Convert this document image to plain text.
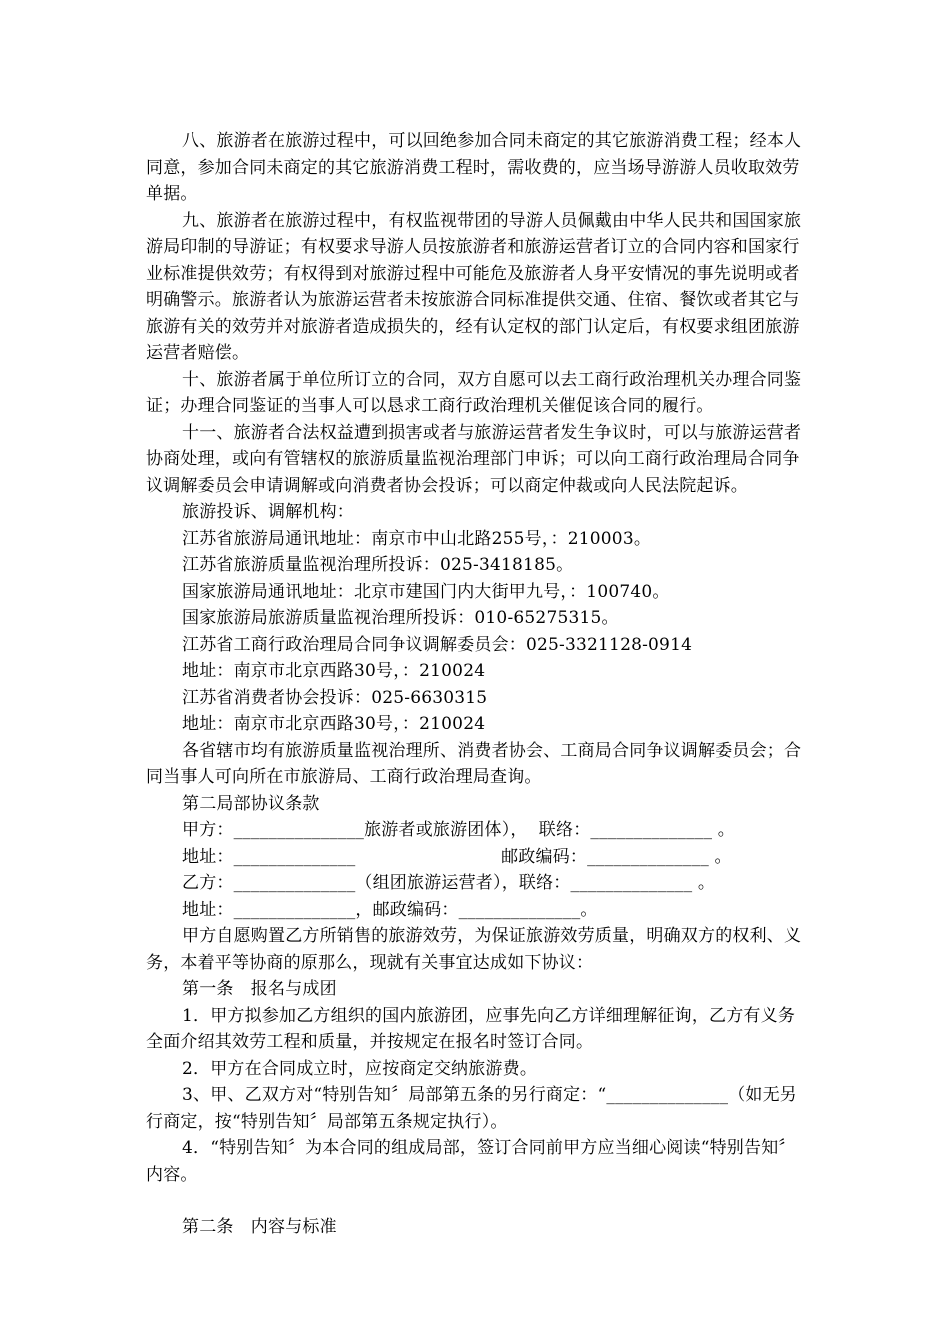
八、旅游者在旅游过程中，可以回绝参加合同未商定的其它旅游消费工程；经本人同意，参加合同未商定的其它旅游消费工程时，需收费的，应当场导游游人员收取效劳单据。

九、旅游者在旅游过程中，有权监视带团的导游人员佩戴由中华人民共和国国家旅游局印制的导游证；有权要求导游人员按旅游者和旅游运营者订立的合同内容和国家行业标准提供效劳；有权得到对旅游过程中可能危及旅游者人身平安情况的事先说明或者明确警示。旅游者认为旅游运营者未按旅游合同标准提供交通、住宿、餐饮或者其它与旅游有关的效劳并对旅游者造成损失的，经有认定权的部门认定后，有权要求组团旅游运营者赔偿。

十、旅游者属于单位所订立的合同，双方自愿可以去工商行政治理机关办理合同鉴证；办理合同鉴证的当事人可以恳求工商行政治理机关催促该合同的履行。

十一、旅游者合法权益遭到损害或者与旅游运营者发生争议时，可以与旅游运营者协商处理，或向有管辖权的旅游质量监视治理部门申诉；可以向工商行政治理局合同争议调解委员会申请调解或向消费者协会投诉；可以商定仲裁或向人民法院起诉。

旅游投诉、调解机构：

江苏省旅游局通讯地址：南京市中山北路255号，：210003。

江苏省旅游质量监视治理所投诉：025-3418185。

国家旅游局通讯地址：北京市建国门内大街甲九号，：100740。

国家旅游局旅游质量监视治理所投诉：010-65275315。

江苏省工商行政治理局合同争议调解委员会：025-3321128-0914

地址：南京市北京西路30号，：210024

江苏省消费者协会投诉：025-6630315

地址：南京市北京西路30号，：210024

各省辖市均有旅游质量监视治理所、消费者协会、工商局合同争议调解委员会；合同当事人可向所在市旅游局、工商行政治理局查询。

第二局部协议条款

甲方：_______________旅游者或旅游团体），  联络：______________ 。
地址：______________ 邮政编码：______________ 。
乙方：______________（组团旅游运营者），联络：______________ 。
地址：______________，邮政编码：______________。

甲方自愿购置乙方所销售的旅游效劳，为保证旅游效劳质量，明确双方的权利、义务，本着平等协商的原那么，现就有关事宜达成如下协议：

第一条　报名与成团

1．甲方拟参加乙方组织的国内旅游团，应事先向乙方详细理解征询，乙方有义务全面介绍其效劳工程和质量，并按规定在报名时签订合同。

2．甲方在合同成立时，应按商定交纳旅游费。

3、甲、乙双方对“特别告知〞局部第五条的另行商定：“______________（如无另行商定，按“特别告知〞局部第五条规定执行）。

4．“特别告知〞为本合同的组成局部，签订合同前甲方应当细心阅读“特别告知〞内容。

第二条　内容与标准
